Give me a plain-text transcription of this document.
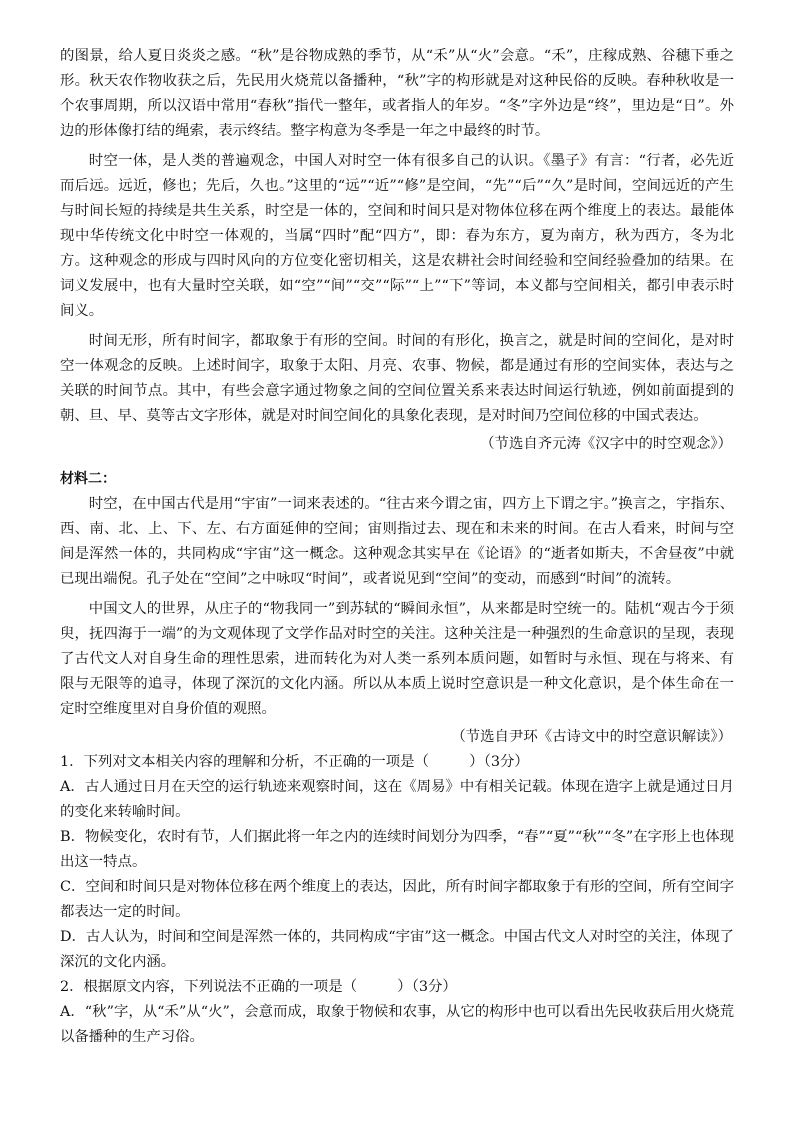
的图景，给人夏日炎炎之感。“秋”是谷物成熟的季节，从“禾”从“火”会意。“禾”，庄稼成熟、谷穗下垂之形。秋天农作物收获之后，先民用火烧荒以备播种，“秋”字的构形就是对这种民俗的反映。春种秋收是一个农事周期，所以汉语中常用“春秋”指代一整年，或者指人的年岁。“冬”字外边是“终”，里边是“日”。外边的形体像打结的绳索，表示终结。整字构意为冬季是一年之中最终的时节。

时空一体，是人类的普遍观念，中国人对时空一体有很多自己的认识。《墨子》有言：“行者，必先近而后远。远近，修也；先后，久也。”这里的“远”“近”“修”是空间，“先”“后”“久”是时间，空间远近的产生与时间长短的持续是共生关系，时空是一体的，空间和时间只是对物体位移在两个维度上的表达。最能体现中华传统文化中时空一体观的，当属“四时”配“四方”，即：春为东方，夏为南方，秋为西方，冬为北方。这种观念的形成与四时风向的方位变化密切相关，这是农耕社会时间经验和空间经验叠加的结果。在词义发展中，也有大量时空关联，如“空”“间”“交”“际”“上”“下”等词，本义都与空间相关，都引申表示时间义。

时间无形，所有时间字，都取象于有形的空间。时间的有形化，换言之，就是时间的空间化，是对时空一体观念的反映。上述时间字，取象于太阳、月亮、农事、物候，都是通过有形的空间实体，表达与之关联的时间节点。其中，有些会意字通过物象之间的空间位置关系来表达时间运行轨迹，例如前面提到的朝、旦、早、莫等古文字形体，就是对时间空间化的具象化表现，是对时间乃空间位移的中国式表达。

（节选自齐元涛《汉字中的时空观念》）

材料二：

时空，在中国古代是用“宇宙”一词来表述的。“往古来今谓之宙，四方上下谓之宇。”换言之，宇指东、西、南、北、上、下、左、右方面延伸的空间；宙则指过去、现在和未来的时间。在古人看来，时间与空间是浑然一体的，共同构成“宇宙”这一概念。这种观念其实早在《论语》的“逝者如斯夫，不舍昼夜”中就已现出端倪。孔子处在“空间”之中咏叹“时间”，或者说见到“空间”的变动，而感到“时间”的流转。

中国文人的世界，从庄子的“物我同一”到苏轼的“瞬间永恒”，从来都是时空统一的。陆机“观古今于须臾，抚四海于一端”的为文观体现了文学作品对时空的关注。这种关注是一种强烈的生命意识的呈现，表现了古代文人对自身生命的理性思索，进而转化为对人类一系列本质问题，如暂时与永恒、现在与将来、有限与无限等的追寻，体现了深沉的文化内涵。所以从本质上说时空意识是一种文化意识，是个体生命在一定时空维度里对自身价值的观照。

（节选自尹环《古诗文中的时空意识解读》）

1．下列对文本相关内容的理解和分析，不正确的一项是（	）（3分）

A．古人通过日月在天空的运行轨迹来观察时间，这在《周易》中有相关记载。体现在造字上就是通过日月的变化来转喻时间。

B．物候变化，农时有节，人们据此将一年之内的连续时间划分为四季，“春”“夏”“秋”“冬”在字形上也体现出这一特点。

C．空间和时间只是对物体位移在两个维度上的表达，因此，所有时间字都取象于有形的空间，所有空间字都表达一定的时间。

D．古人认为，时间和空间是浑然一体的，共同构成“宇宙”这一概念。中国古代文人对时空的关注，体现了深沉的文化内涵。

2．根据原文内容，下列说法不正确的一项是（	）（3分）

A．“秋”字，从“禾”从“火”，会意而成，取象于物候和农事，从它的构形中也可以看出先民收获后用火烧荒以备播种的生产习俗。
